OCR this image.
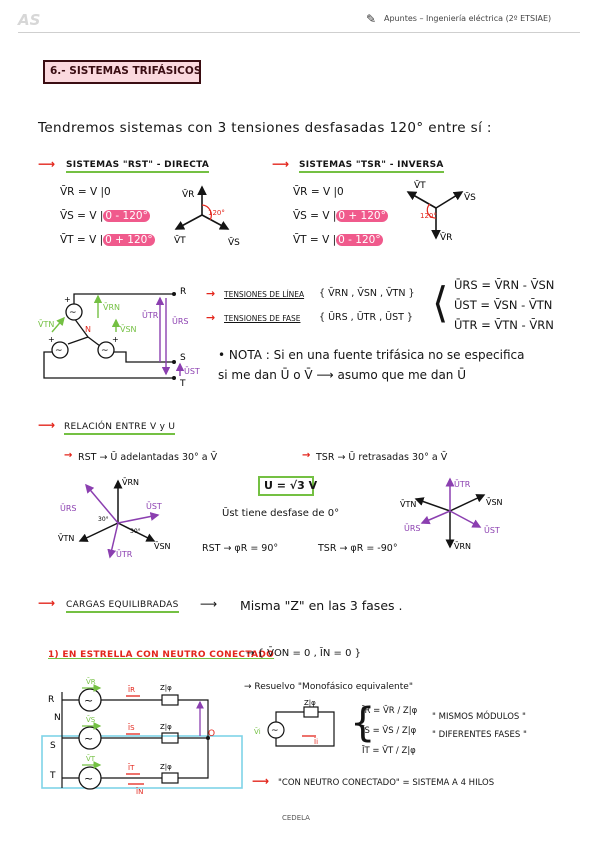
AS	✎ Apuntes – Ingeniería eléctrica (2º ETSIAE)
6.- SISTEMAS TRIFÁSICOS
Tendremos sistemas con 3 tensiones desfasadas 120° entre sí :
⟶ SISTEMAS "RST" - DIRECTA
V̄R = V |0
V̄S = V | 0 - 120°
V̄T = V | 0 + 120°
V̄R
120°
V̄S
V̄T
⟶ SISTEMAS "TSR" - INVERSA
V̄R = V |0
V̄S = V | 0 + 120°
V̄T = V | 0 - 120°
V̄T
V̄S
120°
V̄R
~
~	~
+
+	+
N
V̄RN
V̄TN
V̄SN
ŪTR
ŪRS
ŪST
R
S
T
→ TENSIONES DE LÍNEA { V̄RN , V̄SN , V̄TN }
→ TENSIONES DE FASE { ŪRS , ŪTR , ŪST } ⟨ ŪRS = V̄RN - V̄SN
ŪST = V̄SN - V̄TN
ŪTR = V̄TN - V̄RN
• NOTA : Si en una fuente trifásica no se especifica
si me dan Ū o V̄ ⟶ asumo que me dan Ū
⟶ RELACIÓN ENTRE V y U
→ RST → Ū adelantadas 30° a V̄	→ TSR → Ū retrasadas 30° a V̄
U = √3 V
Ūst tiene desfase de 0°
RST → φR = 90°	TSR → φR = -90°
V̄RN
ŪRS	ŪST
V̄TN
V̄SN
ŪTR
30°
30°
ŪTR
V̄TN
ŪRS
V̄SN
ŪST
V̄RN
⟶ CARGAS EQUILIBRADAS ⟶ Misma "Z" en las 3 fases .
1) EN ESTRELLA CON NEUTRO CONECTADO
→ { V̄ON = 0 , ĪN = 0 }
~
~
~
R
N
S
T
O
V̄R
V̄S
V̄T
ĪR
ĪS
ĪT
ĪN
Z|φ
Z|φ
Z|φ
→ Resuelvo "Monofásico equivalente"
~
Z|φ
V̄i
Īi {
ĪR = V̄R / Z|φ
ĪS = V̄S / Z|φ
ĪT = V̄T / Z|φ
" MISMOS MÓDULOS "
" DIFERENTES FASES "
⟶ "CON NEUTRO CONECTADO" = SISTEMA A 4 HILOS
CEDELA
